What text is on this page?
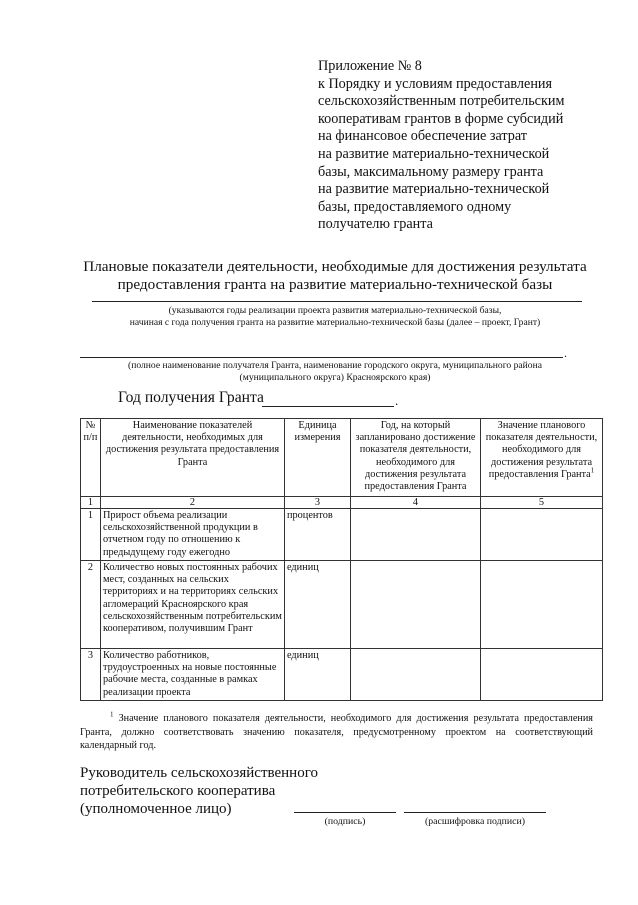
Приложение № 8
к Порядку и условиям предоставления
сельскохозяйственным потребительским
кооперативам грантов в форме субсидий
на финансовое обеспечение затрат
на развитие материально-технической
базы, максимальному размеру гранта
на развитие материально-технической
базы, предоставляемого одному
получателю гранта
Плановые показатели деятельности, необходимые для достижения результата
предоставления гранта на развитие материально-технической базы
(указываются годы реализации проекта развития материально-технической базы,
начиная с года получения гранта на развитие материально-технической базы (далее – проект, Грант)
.
(полное наименование получателя Гранта, наименование городского округа, муниципального района
(муниципального округа) Красноярского края)
Год получения Гранта	.
№ п/п	Наименование показателей деятельности, необходимых для достижения результата предоставления Гранта	Единица измерения	Год, на который запланировано достижение показателя деятельности, необходимого для достижения результата предоставления Гранта	Значение планового показателя деятельности, необходимого для достижения результата предоставления Гранта$^1$
1	2	3	4	5
1	Прирост объема реализации сельскохозяйственной продукции в отчетном году по отношению к предыдущему году ежегодно	процентов		
2	Количество новых постоянных рабочих мест, созданных на сельских территориях и на территориях сельских агломераций Красноярского края сельскохозяйственным потребительским кооперативом, получившим Грант	единиц		
3	Количество работников, трудоустроенных на новые постоянные рабочие места, созданные в рамках реализации проекта	единиц		
$^1$ Значение планового показателя деятельности, необходимого для достижения результата предоставления Гранта, должно соответствовать значению показателя, предусмотренному проектом на соответствующий календарный год.
Руководитель сельскохозяйственного
потребительского кооператива
(уполномоченное лицо)
(подпись)	(расшифровка подписи)
